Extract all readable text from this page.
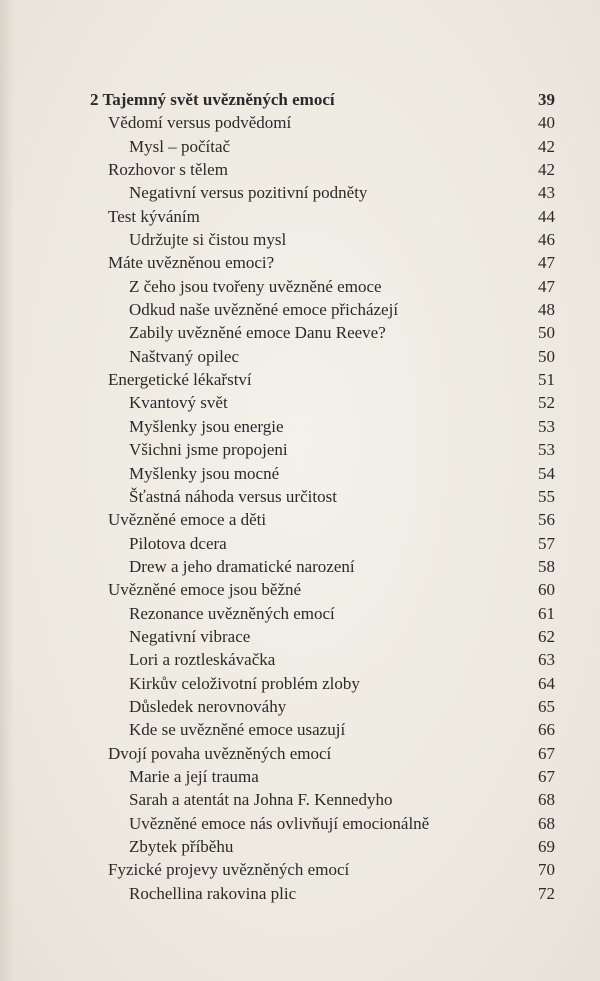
2 Tajemný svět uvězněných emocí	39
Vědomí versus podvědomí	40
Mysl – počítač	42
Rozhovor s tělem	42
Negativní versus pozitivní podněty	43
Test kýváním	44
Udržujte si čistou mysl	46
Máte uvězněnou emoci?	47
Z čeho jsou tvořeny uvězněné emoce	47
Odkud naše uvězněné emoce přicházejí	48
Zabily uvězněné emoce Danu Reeve?	50
Naštvaný opilec	50
Energetické lékařství	51
Kvantový svět	52
Myšlenky jsou energie	53
Všichni jsme propojeni	53
Myšlenky jsou mocné	54
Šťastná náhoda versus určitost	55
Uvězněné emoce a děti	56
Pilotova dcera	57
Drew a jeho dramatické narození	58
Uvězněné emoce jsou běžné	60
Rezonance uvězněných emocí	61
Negativní vibrace	62
Lori a roztleskávačka	63
Kirkův celoživotní problém zloby	64
Důsledek nerovnováhy	65
Kde se uvězněné emoce usazují	66
Dvojí povaha uvězněných emocí	67
Marie a její trauma	67
Sarah a atentát na Johna F. Kennedyho	68
Uvězněné emoce nás ovlivňují emocionálně	68
Zbytek příběhu	69
Fyzické projevy uvězněných emocí	70
Rochellina rakovina plic	72
